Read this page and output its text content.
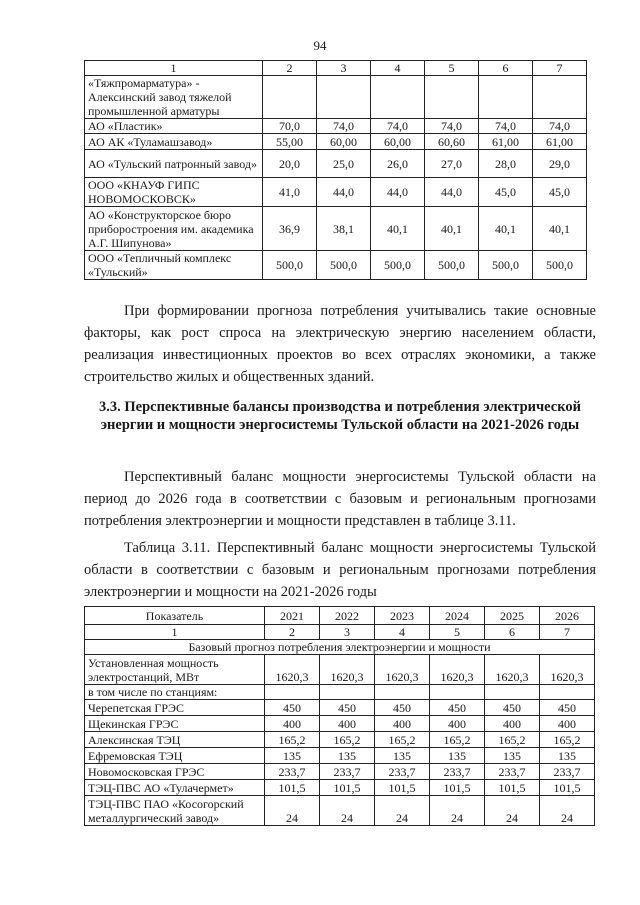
94
1	2	3	4	5	6	7
«Тяжпромарматура» - Алексинский завод тяжелой промышленной арматуры						
АО «Пластик»	70,0	74,0	74,0	74,0	74,0	74,0
АО АК «Туламашзавод»	55,00	60,00	60,00	60,60	61,00	61,00
АО «Тульский патронный завод»	20,0	25,0	26,0	27,0	28,0	29,0
ООО «КНАУФ ГИПС НОВОМОСКОВСК»	41,0	44,0	44,0	44,0	45,0	45,0
АО «Конструкторское бюро приборостроения им. академика А.Г. Шипунова»	36,9	38,1	40,1	40,1	40,1	40,1
ООО «Тепличный комплекс «Тульский»	500,0	500,0	500,0	500,0	500,0	500,0

При формировании прогноза потребления учитывались такие основные факторы, как рост спроса на электрическую энергию населением области, реализация инвестиционных проектов во всех отраслях экономики, а также строительство жилых и общественных зданий.

3.3. Перспективные балансы производства и потребления электрической энергии и мощности энергосистемы Тульской области на 2021-2026 годы

Перспективный баланс мощности энергосистемы Тульской области на период до 2026 года в соответствии с базовым и региональным прогнозами потребления электроэнергии и мощности представлен в таблице 3.11.

Таблица 3.11. Перспективный баланс мощности энергосистемы Тульской области в соответствии с базовым и региональным прогнозами потребления электроэнергии и мощности на 2021-2026 годы

Показатель	2021	2022	2023	2024	2025	2026
1	2	3	4	5	6	7
Базовый прогноз потребления электроэнергии и мощности						
Установленная мощность электростанций, МВт	1620,3	1620,3	1620,3	1620,3	1620,3	1620,3
в том числе по станциям:						
Черепетская ГРЭС	450	450	450	450	450	450
Щекинская ГРЭС	400	400	400	400	400	400
Алексинская ТЭЦ	165,2	165,2	165,2	165,2	165,2	165,2
Ефремовская ТЭЦ	135	135	135	135	135	135
Новомосковская ГРЭС	233,7	233,7	233,7	233,7	233,7	233,7
ТЭЦ-ПВС АО «Тулачермет»	101,5	101,5	101,5	101,5	101,5	101,5
ТЭЦ-ПВС ПАО «Косогорский металлургический завод»	24	24	24	24	24	24
